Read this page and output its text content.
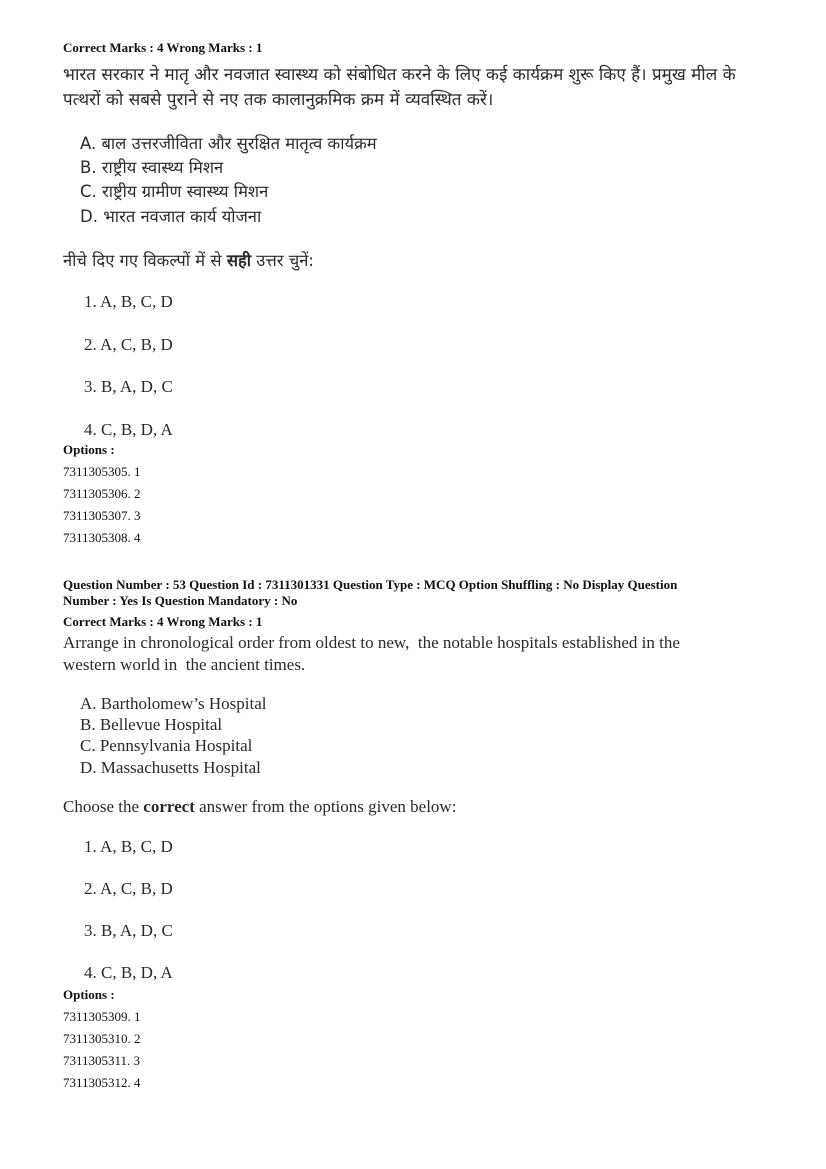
Correct Marks : 4 Wrong Marks : 1
भारत सरकार ने मातृ और नवजात स्वास्थ्य को संबोधित करने के लिए कई कार्यक्रम शुरू किए हैं। प्रमुख मील के पत्थरों को सबसे पुराने से नए तक कालानुक्रमिक क्रम में व्यवस्थित करें।
A. बाल उत्तरजीविता और सुरक्षित मातृत्व कार्यक्रम
B. राष्ट्रीय स्वास्थ्य मिशन
C. राष्ट्रीय ग्रामीण स्वास्थ्य मिशन
D. भारत नवजात कार्य योजना
नीचे दिए गए विकल्पों में से सही उत्तर चुनें:
1. A, B, C, D
2. A, C, B, D
3. B, A, D, C
4. C, B, D, A
Options :
7311305305. 1
7311305306. 2
7311305307. 3
7311305308. 4
Question Number : 53 Question Id : 7311301331 Question Type : MCQ Option Shuffling : No Display Question
Number : Yes Is Question Mandatory : No
Correct Marks : 4 Wrong Marks : 1
Arrange in chronological order from oldest to new,  the notable hospitals established in the
western world in  the ancient times.
A. Bartholomew’s Hospital
B. Bellevue Hospital
C. Pennsylvania Hospital
D. Massachusetts Hospital
Choose the correct answer from the options given below:
1. A, B, C, D
2. A, C, B, D
3. B, A, D, C
4. C, B, D, A
Options :
7311305309. 1
7311305310. 2
7311305311. 3
7311305312. 4
